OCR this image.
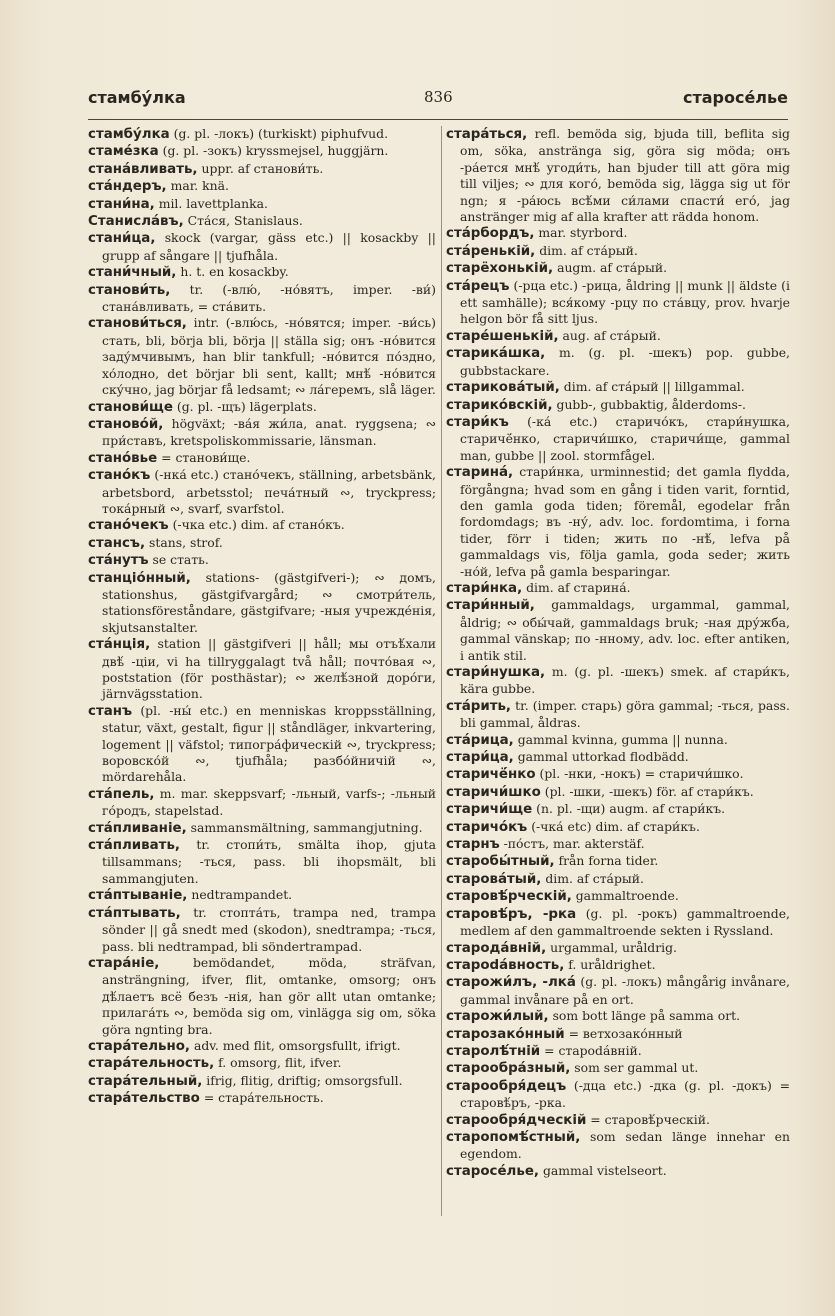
стамбу́лка	836	старосе́лье

стамбу́лка (g. pl. -локъ) (turkiskt) piphufvud.

стаме́зка (g. pl. -зокъ) kryssmejsel, huggjärn.

стана́вливать, uppr. af станови́ть.

ста́ндеръ, mar. knä.

стани́на, mil. lavettplanka.

Станисла́въ, Ста́ся, Stanislaus.

стани́ца, skock (vargar, gäss etc.) || kosackby || grupp af sångare || tjufhåla.

стани́чный, h. t. en kosackby.

станови́ть, tr. (-влю́, -но́вятъ, imper. -ви́) стана́вливать, = ста́вить.

станови́ться, intr. (-влю́сь, -но́вятся; imper. -ви́сь) стать, bli, börja bli, börja || ställa sig; онъ -но́вится заду́мчивымъ, han blir tankfull; -но́вится по́здно, хо́лодно, det börjar bli sent, kallt; мнѣ́ -но́вится ску́чно, jag börjar få ledsamt; ∾ ла́геремъ, slå läger.

станови́ще (g. pl. -щъ) lägerplats.

станово́й, högväxt; -ва́я жи́ла, anat. ryggsena; ∾ при́ставъ, kretspoliskommissarie, länsman.

стано́вье = станови́ще.

стано́къ (-нка́ etc.) стано́чекъ, ställning, arbetsbänk, arbetsbord, arbetsstol; печа́тный ∾, tryckpress; тока́рный ∾, svarf, svarfstol.

стано́чекъ (-чка etc.) dim. af стано́къ.

стансъ, stans, strof.

ста́нутъ se стать.

станціо́нный, stations- (gästgifveri-); ∾ домъ, stationshus, gästgifvargård; ∾ смотри́тель, stationsföreståndare, gästgifvare; -ныя учрежде́нія, skjutsanstalter.

ста́нція, station || gästgifveri || håll; мы отъѣ́хали двѣ́ -ціи, vi ha tillryggalagt två håll; почто́вая ∾, poststation (för posthästar); ∾ желѣ́зной доро́ги, järnvägsstation.

станъ (pl. -ны́ etc.) en menniskas kroppsställning, statur, växt, gestalt, figur || ståndläger, inkvartering, logement || väfstol; типогра́фическій ∾, tryckpress; воровско́й ∾, tjufhåla; разбо́йничій ∾, mördarehåla.

ста́пель, m. mar. skeppsvarf; -льный, varfs-; -льный го́родъ, stapelstad.

ста́пливаніе, sammansmältning, sammangjutning.

ста́пливать, tr. стопи́ть, smälta ihop, gjuta tillsammans; -ться, pass. bli ihopsmält, bli sammangjuten.

ста́птываніе, nedtrampandet.

ста́птывать, tr. стопта́ть, trampa ned, trampa sönder || gå snedt med (skodon), snedtrampa; -ться, pass. bli nedtrampad, bli söndertrampad.

стара́ніе,	bemödandet, möda, sträfvan, ansträngning, ifver, flit, omtanke, omsorg; онъ дѣ́лаетъ всё безъ -нія, han gör allt utan omtanke; прилага́ть ∾, bemöda sig om, vinlägga sig om, söka göra ngnting bra.

стара́тельно, adv. med flit, omsorgsfullt, ifrigt.

стара́тельность, f. omsorg, flit, ifver.

стара́тельный, ifrig, flitig, driftig; omsorgsfull.

стара́тельство = стара́тельность.

стара́ться, refl. bemöda sig, bjuda till, beflita sig om, söka, anstränga sig, göra sig möda; онъ -ра́ется мнѣ́ угоди́ть, han bjuder till att göra mig till viljes; ∾ для кого́, bemöda sig, lägga sig ut för ngn; я -ра́юсь всѣ́ми си́лами спасти́ его́, jag anstränger mig af alla krafter att rädda honom.

ста́рбордъ, mar. styrbord.

ста́ренькій, dim. af ста́рый.

старёхонькій, augm. af ста́рый.

ста́рецъ (-рца etc.) -рица, åldring || munk || äldste (i ett samhälle); вся́кому -рцу по ста́вцу, prov. hvarje helgon bör få sitt ljus.

старе́шенькій, aug. af ста́рый.

старика́шка, m. (g. pl. -шекъ) pop. gubbe, gubbstackare.

старикова́тый, dim. af ста́рый || lillgammal.

старико́вскій, gubb-, gubbaktig, ålderdoms-.

стари́къ (-ка́ etc.) старичо́къ, стари́нушка, старичё́нко, старичи́шко, старичи́ще, gammal man, gubbe || zool. stormfågel.

старина́, стари́нка, urminnestid; det gamla flydda, förgångna; hvad som en gång i tiden varit, forntid, den gamla goda tiden; föremål, egodelar från fordomdags; въ -ну́, adv. loc. fordomtima, i forna tider, förr i tiden; жить по -нѣ́, lefva på gammaldags vis, följa gamla, goda seder; жить -но́й, lefva på gamla besparingar.

стари́нка, dim. af старина́.

стари́нный, gammaldags, urgammal, gammal, åldrig; ∾ обы́чай, gammaldags bruk; -ная дру́жба, gammal vänskap; по -нному, adv. loc. efter antiken, i antik stil.

стари́нушка, m. (g. pl. -шекъ) smek. af стари́къ, kära gubbe.

ста́рить, tr. (imper. старь) göra gammal; -ться, pass. bli gammal, åldras.

ста́рица, gammal kvinna, gumma || nunna.

стари́ца, gammal uttorkad flodbädd.

старичё́нко (pl. -нки, -нокъ) = старичи́шко.

старичи́шко (pl. -шки, -шекъ) för. af стари́къ.

старичи́ще (n. pl. -щи) augm. af стари́къ.

старичо́къ (-чка́ etc) dim. af стари́къ.

старнъ -по́стъ, mar. akterstäf.

старобы́тный, från forna tider.

старова́тый, dim. af ста́рый.

старовѣ́рческій, gammaltroende.

старовѣ́ръ, -рка (g. pl. -рокъ) gammaltroende, medlem af den gammaltroende sekten i Ryssland.

старода́вній, urgammal, uråldrig.

староdáвность, f. uråldrighet.

старожи́лъ, -лка́ (g. pl. -локъ) mångårig invånare, gammal invånare på en ort.

старожи́лый, som bott länge på samma ort.

старозако́нный = ветхозако́нный

старолѣ́тній = староdáвній.

старообра́зный, som ser gammal ut.

старообря́децъ (-дца etc.) -дка (g. pl. -докъ) = старовѣ́ръ, -рка.

старообря́дческій = старовѣ́рческій.

старопомѣ́стный, som sedan länge innehar en egendom.

старосе́лье, gammal vistelseort.
